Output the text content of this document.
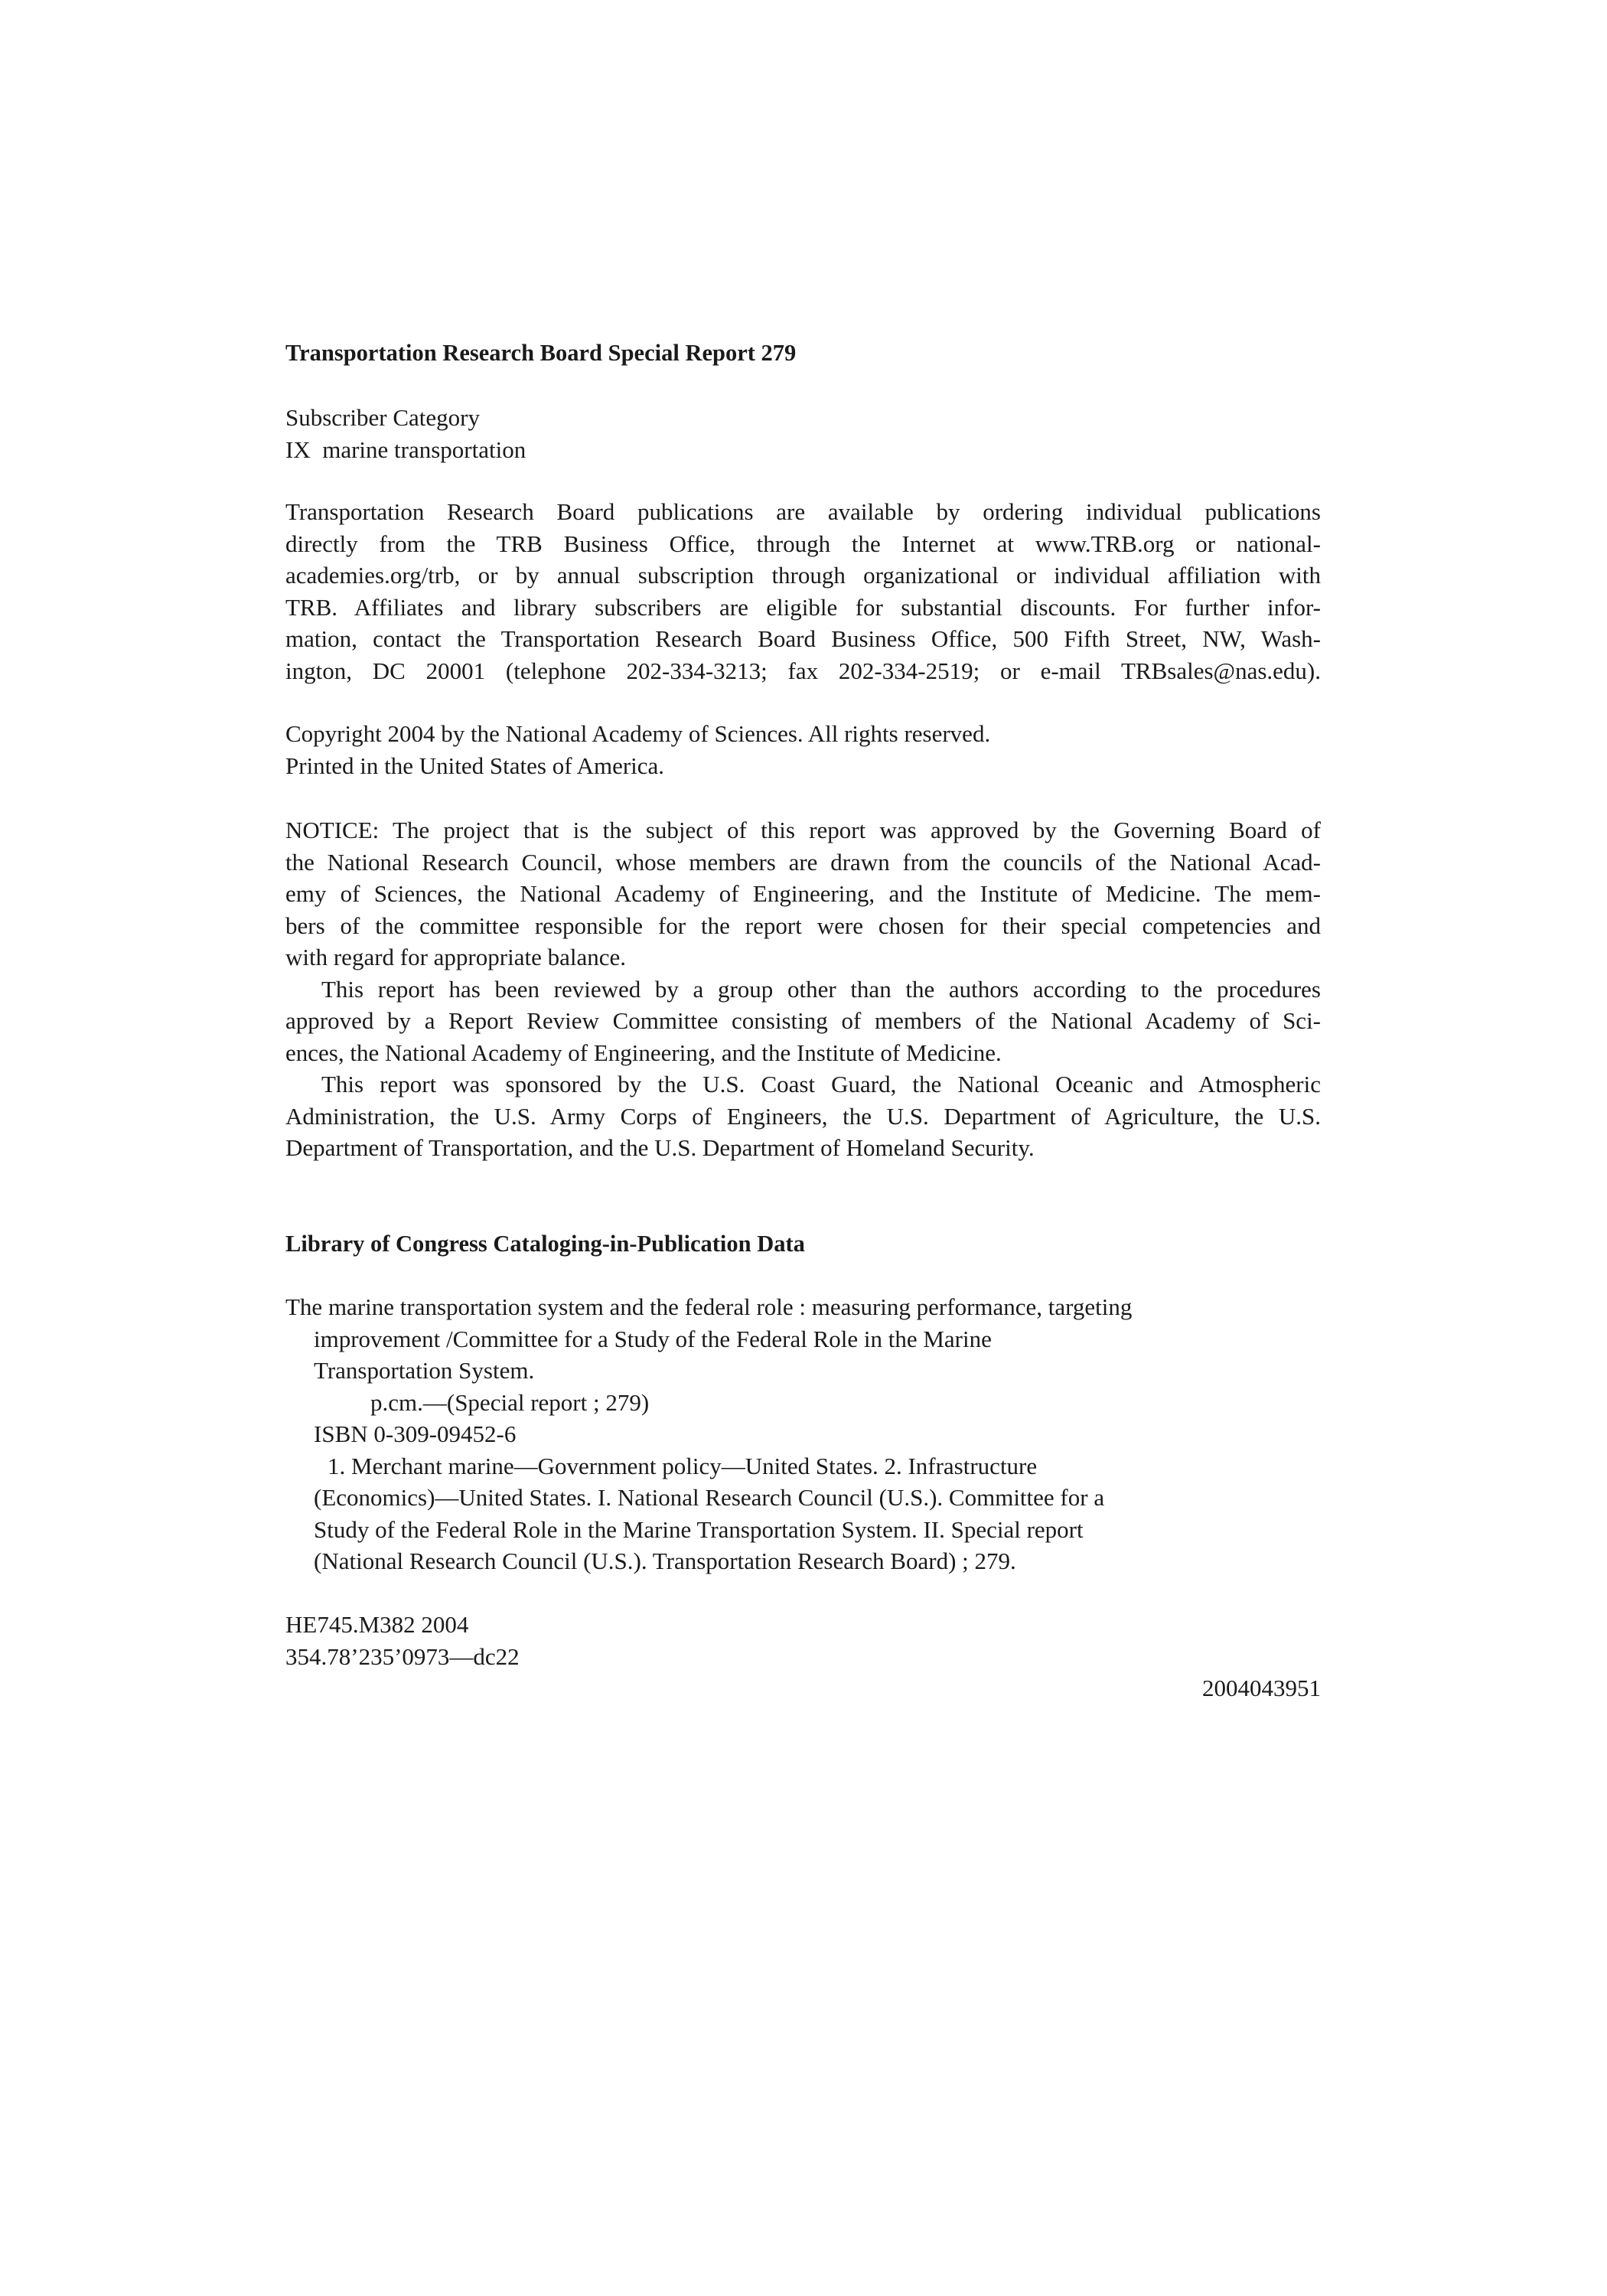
Transportation Research Board Special Report 279

Subscriber Category
IX  marine transportation
Transportation Research Board publications are available by ordering individual publications
directly from the TRB Business Office, through the Internet at www.TRB.org or national-
academies.org/trb, or by annual subscription through organizational or individual affiliation with
TRB. Affiliates and library subscribers are eligible for substantial discounts. For further infor-
mation, contact the Transportation Research Board Business Office, 500 Fifth Street, NW, Wash-
ington, DC 20001 (telephone 202-334-3213; fax 202-334-2519; or e-mail TRBsales@nas.edu).
Copyright 2004 by the National Academy of Sciences. All rights reserved.
Printed in the United States of America.
NOTICE: The project that is the subject of this report was approved by the Governing Board of
the National Research Council, whose members are drawn from the councils of the National Acad-
emy of Sciences, the National Academy of Engineering, and the Institute of Medicine. The mem-
bers of the committee responsible for the report were chosen for their special competencies and
with regard for appropriate balance.
This report has been reviewed by a group other than the authors according to the procedures
approved by a Report Review Committee consisting of members of the National Academy of Sci-
ences, the National Academy of Engineering, and the Institute of Medicine.
This report was sponsored by the U.S. Coast Guard, the National Oceanic and Atmospheric
Administration, the U.S. Army Corps of Engineers, the U.S. Department of Agriculture, the U.S.
Department of Transportation, and the U.S. Department of Homeland Security.

Library of Congress Cataloging-in-Publication Data

The marine transportation system and the federal role : measuring performance, targeting
improvement /Committee for a Study of the Federal Role in the Marine
Transportation System.
p.cm.—(Special report ; 279)
ISBN 0-309-09452-6
1. Merchant marine—Government policy—United States. 2. Infrastructure
(Economics)—United States. I. National Research Council (U.S.). Committee for a
Study of the Federal Role in the Marine Transportation System. II. Special report
(National Research Council (U.S.). Transportation Research Board) ; 279.
HE745.M382 2004
354.78’235’0973—dc22
2004043951
